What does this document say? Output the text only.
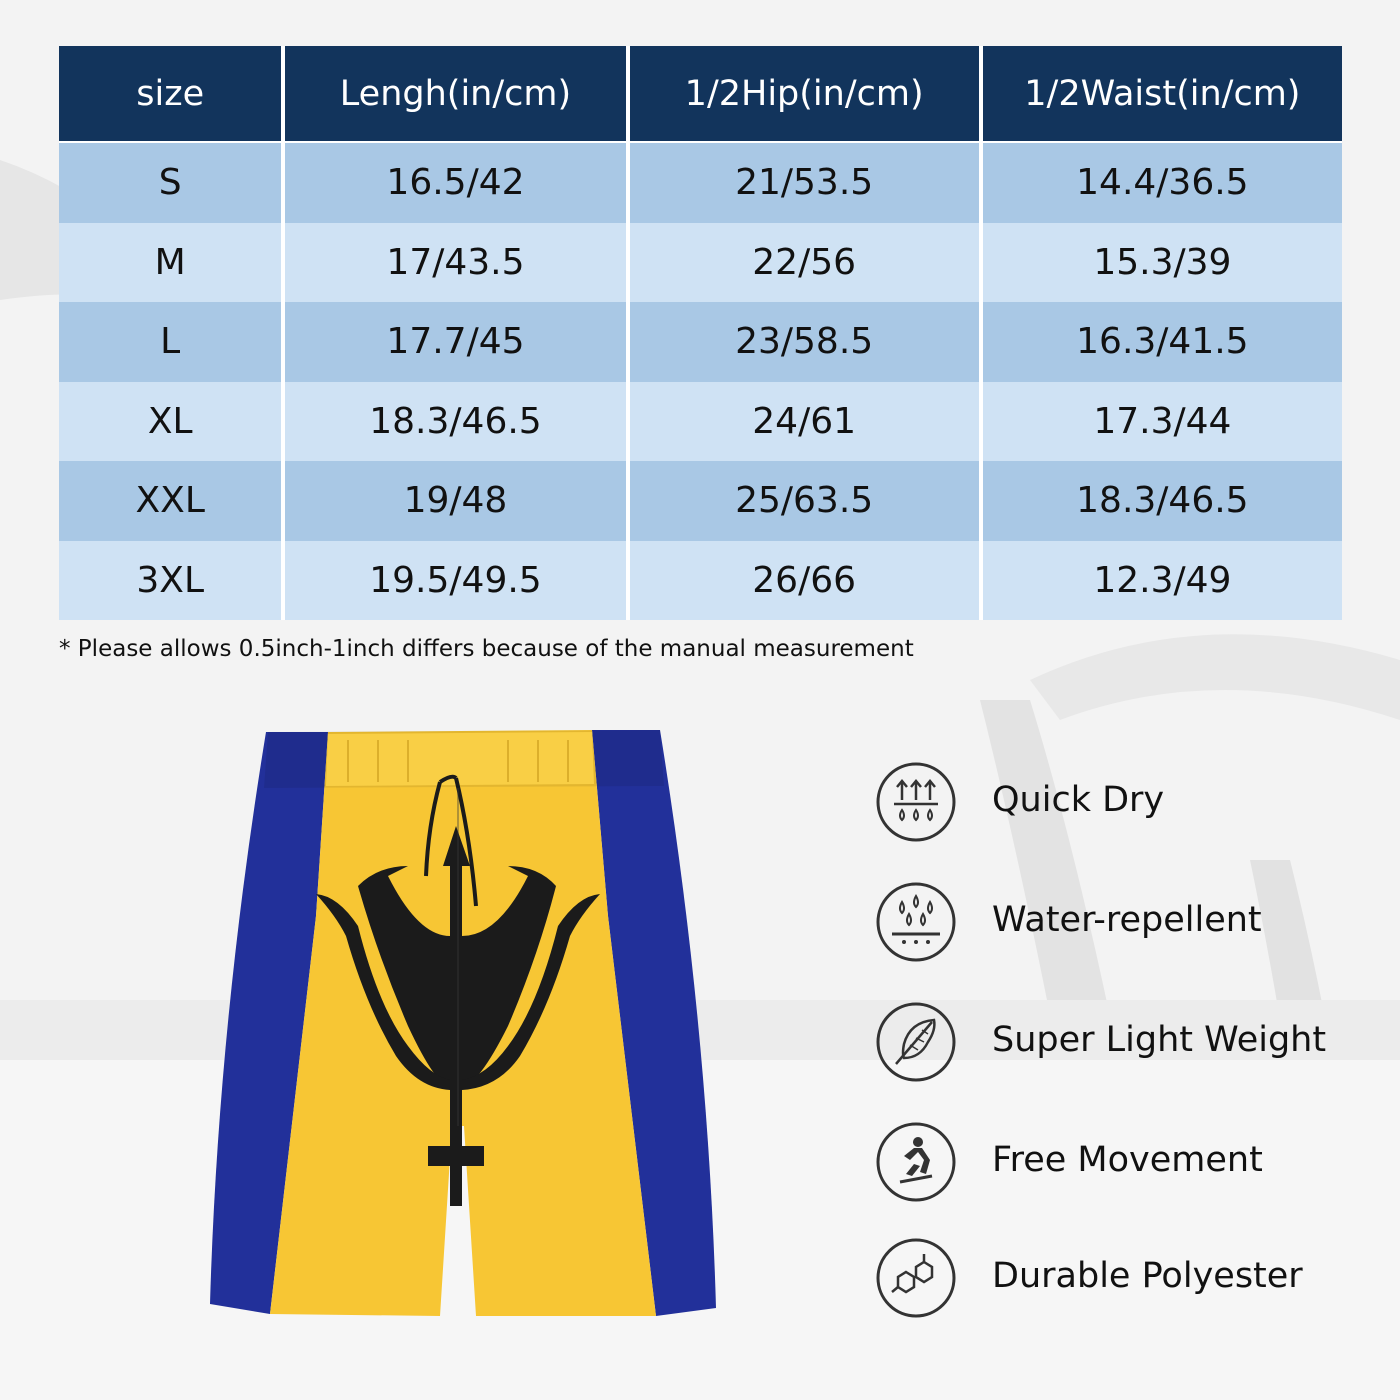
size	Lengh(in/cm)	1/2Hip(in/cm)	1/2Waist(in/cm)
S	16.5/42	21/53.5	14.4/36.5
M	17/43.5	22/56	15.3/39
L	17.7/45	23/58.5	16.3/41.5
XL	18.3/46.5	24/61	17.3/44
XXL	19/48	25/63.5	18.3/46.5
3XL	19.5/49.5	26/66	12.3/49
* Please allows 0.5inch-1inch differs because of the manual measurement
Quick Dry
Water-repellent
Super Light Weight
Free Movement
Durable Polyester
